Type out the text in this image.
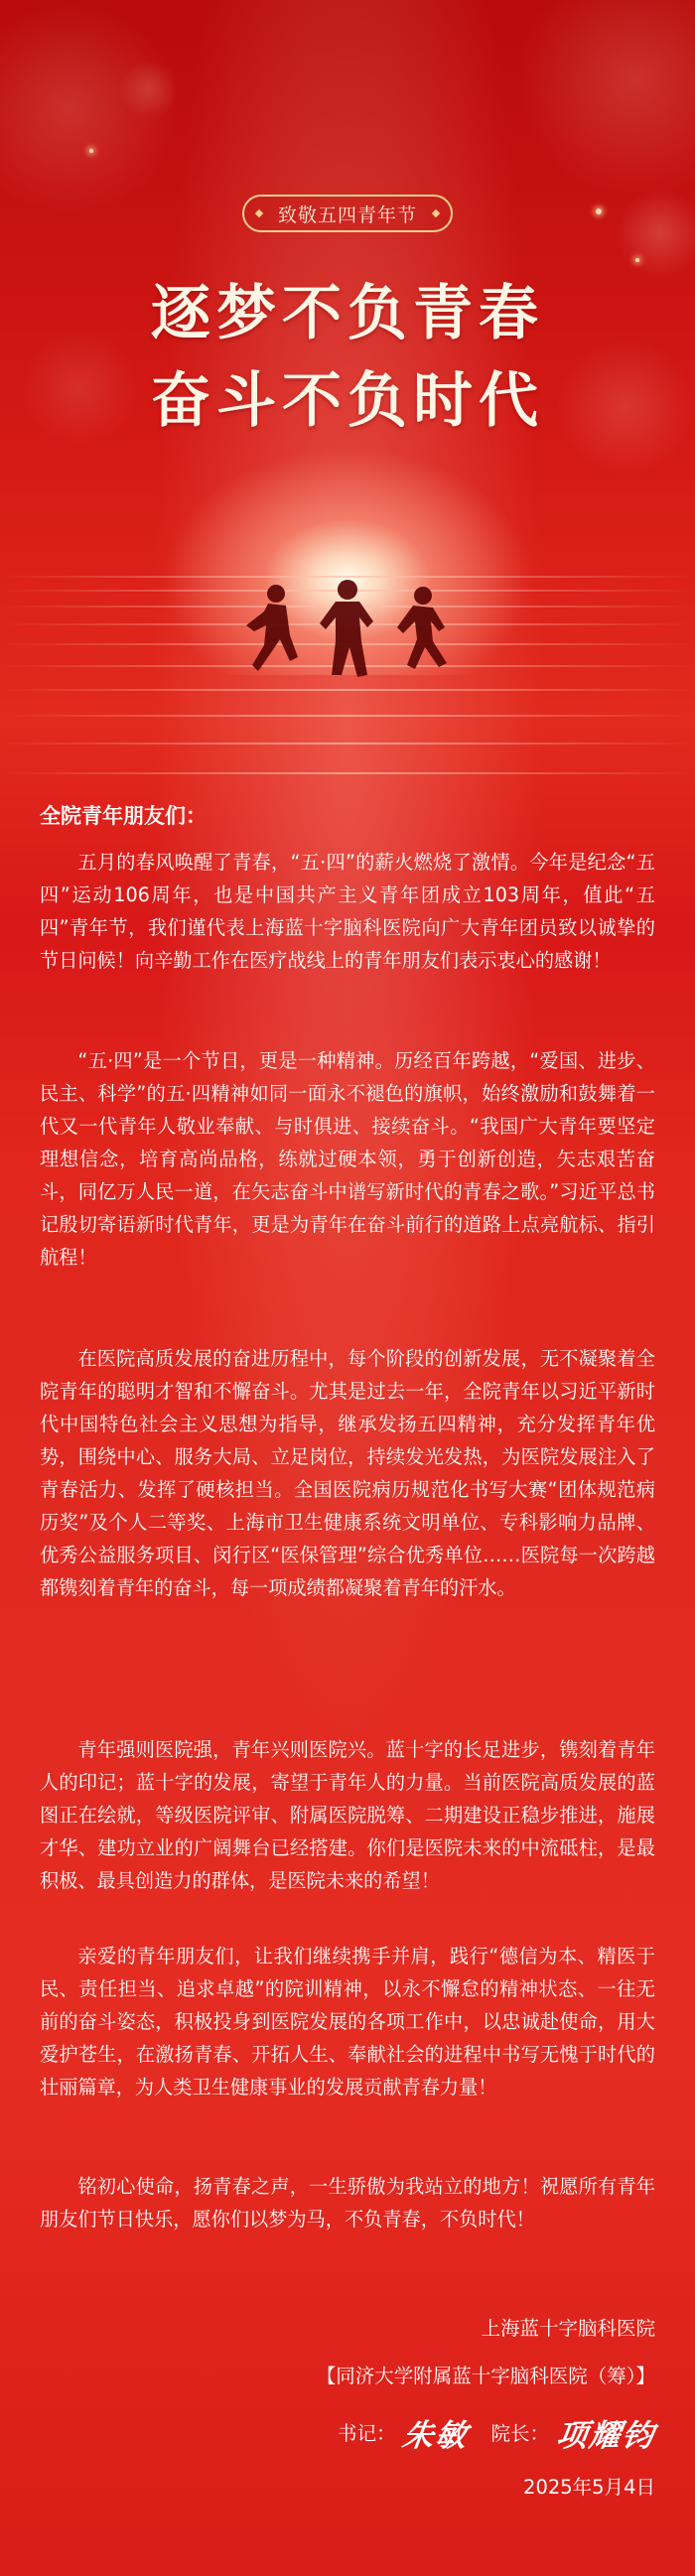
致敬五四青年节
逐梦不负青春
奋斗不负时代
全院青年朋友们：

五月的春风唤醒了青春，“五·四”的薪火燃烧了激情。今年是纪念“五四”运动106周年，也是中国共产主义青年团成立103周年，值此“五四”青年节，我们谨代表上海蓝十字脑科医院向广大青年团员致以诚挚的节日问候！向辛勤工作在医疗战线上的青年朋友们表示衷心的感谢！

“五·四”是一个节日，更是一种精神。历经百年跨越，“爱国、进步、民主、科学”的五·四精神如同一面永不褪色的旗帜，始终激励和鼓舞着一代又一代青年人敬业奉献、与时俱进、接续奋斗。“我国广大青年要坚定理想信念，培育高尚品格，练就过硬本领，勇于创新创造，矢志艰苦奋斗，同亿万人民一道，在矢志奋斗中谱写新时代的青春之歌。”习近平总书记殷切寄语新时代青年，更是为青年在奋斗前行的道路上点亮航标、指引航程！

在医院高质发展的奋进历程中，每个阶段的创新发展，无不凝聚着全院青年的聪明才智和不懈奋斗。尤其是过去一年，全院青年以习近平新时代中国特色社会主义思想为指导，继承发扬五四精神，充分发挥青年优势，围绕中心、服务大局、立足岗位，持续发光发热，为医院发展注入了青春活力、发挥了硬核担当。全国医院病历规范化书写大赛“团体规范病历奖”及个人二等奖、上海市卫生健康系统文明单位、专科影响力品牌、优秀公益服务项目、闵行区“医保管理”综合优秀单位……医院每一次跨越都镌刻着青年的奋斗，每一项成绩都凝聚着青年的汗水。

青年强则医院强，青年兴则医院兴。蓝十字的长足进步，镌刻着青年人的印记；蓝十字的发展，寄望于青年人的力量。当前医院高质发展的蓝图正在绘就，等级医院评审、附属医院脱筹、二期建设正稳步推进，施展才华、建功立业的广阔舞台已经搭建。你们是医院未来的中流砥柱，是最积极、最具创造力的群体，是医院未来的希望！

亲爱的青年朋友们，让我们继续携手并肩，践行“德信为本、精医于民、责任担当、追求卓越”的院训精神，以永不懈怠的精神状态、一往无前的奋斗姿态，积极投身到医院发展的各项工作中，以忠诚赴使命，用大爱护苍生，在激扬青春、开拓人生、奉献社会的进程中书写无愧于时代的壮丽篇章，为人类卫生健康事业的发展贡献青春力量！

铭初心使命，扬青春之声，一生骄傲为我站立的地方！祝愿所有青年朋友们节日快乐，愿你们以梦为马，不负青春，不负时代！

上海蓝十字脑科医院
【同济大学附属蓝十字脑科医院（筹）】
书记： 朱敏 院长： 项耀钧
2025年5月4日
